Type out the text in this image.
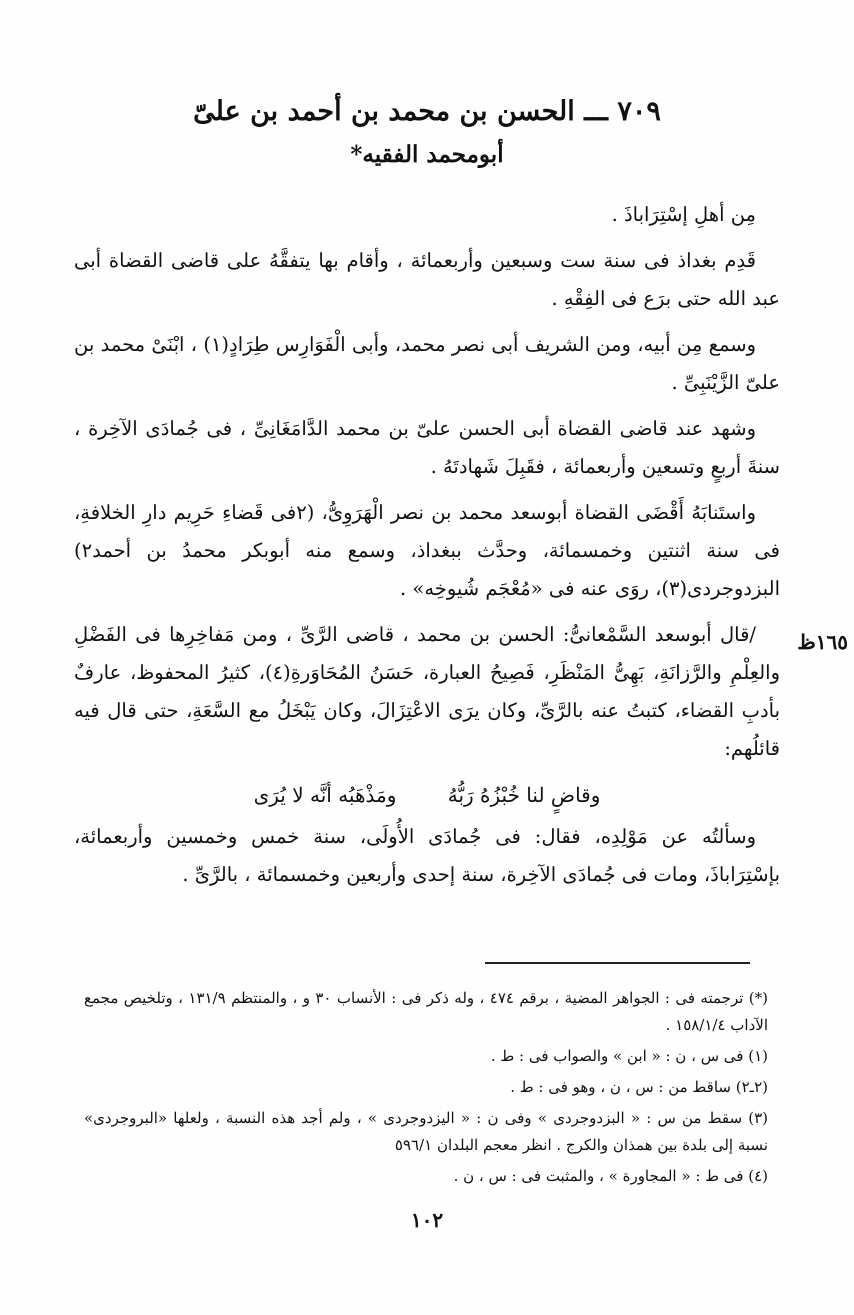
٧٠٩ ـــ الحسن بن محمد بن أحمد بن علىّ
أبومحمد الفقيه*

مِن أهلِ إسْتِرَاباذَ .

قَدِم بغداذ فى سنة ست وسبعين وأربعمائة ، وأقام بها يتفقَّهُ على قاضى القضاة أبى عبد الله حتى برَع فى الفِقْهِ .

وسمع مِن أبيه، ومن الشريف أبى نصر محمد، وأبى الْفَوَارِس طِرَادٍ(١) ، ابْنَىْ محمد بن علىّ الزَّيْنَبِىِّ .

وشهد عند قاضى القضاة أبى الحسن علىّ بن محمد الدَّامَغَانِىِّ ، فى جُمادَى الآخِرة ، سنةَ أربعٍ وتسعين وأربعمائة ، فقَبِلَ شَهادتَهُ .

واستَنابَهُ أَقْضَى القضاة أبوسعد محمد بن نصر الْهَرَوِىُّ، (٢فى قَضاءِ حَرِيم دارِ الخلافةِ، فى سنة اثنتين وخمسمائة، وحدَّث ببغداذ، وسمع منه أبوبكر محمدُ بن أحمد٢) البزدوجردى(٣)، روَى عنه فى «مُعْجَم شُيوخِه» .

/قال أبوسعد السَّمْعانىُّ: الحسن بن محمد ، قاضى الرَّىِّ ، ومن مَفاخِرِها فى الفَضْلِ والعِلْمِ والرَّزانَةِ، بَهِىُّ المَنْظَرِ، فَصِيحُ العبارة، حَسَنُ المُحَاوَرةِ(٤)، كثيرُ المحفوظ، عارفٌ بأدبِ القضاء، كتبتُ عنه بالرَّىِّ، وكان يرَى الاعْتِزَالَ، وكان يَبْخَلُ مع السَّعَةِ، حتى قال فيه قائلُهم:

وقاضٍ لنا خُبْزُهُ رَبُّهُ ومَذْهَبُه أنَّه لا يُرَى

وسألتُه عن مَوْلِدِه، فقال: فى جُمادَى الأُولَى، سنة خمس وخمسين وأربعمائة، بإسْتِرَاباذَ، ومات فى جُمادَى الآخِرة، سنة إحدى وأربعين وخمسمائة ، بالرَّىِّ .

١٦٥ظ

(*) ترجمته فى : الجواهر المضية ، برقم ٤٧٤ ، وله ذكر فى : الأنساب ٣٠ و ، والمنتظم ١٣١/٩ ، وتلخيص مجمع الآداب ١٥٨/١/٤ .

(١) فى س ، ن : « ابن » والصواب فى : ط .

(٢ـ٢) ساقط من : س ، ن ، وهو فى : ط .

(٣) سقط من س : « البزدوجردى » وفى ن : « اليزدوجردى » ، ولم أجد هذه النسبة ، ولعلها «البروجردى» نسبة إلى بلدة بين همذان والكرج . انظر معجم البلدان ٥٩٦/١

(٤) فى ط : « المجاورة » ، والمثبت فى : س ، ن .

١٠٢
